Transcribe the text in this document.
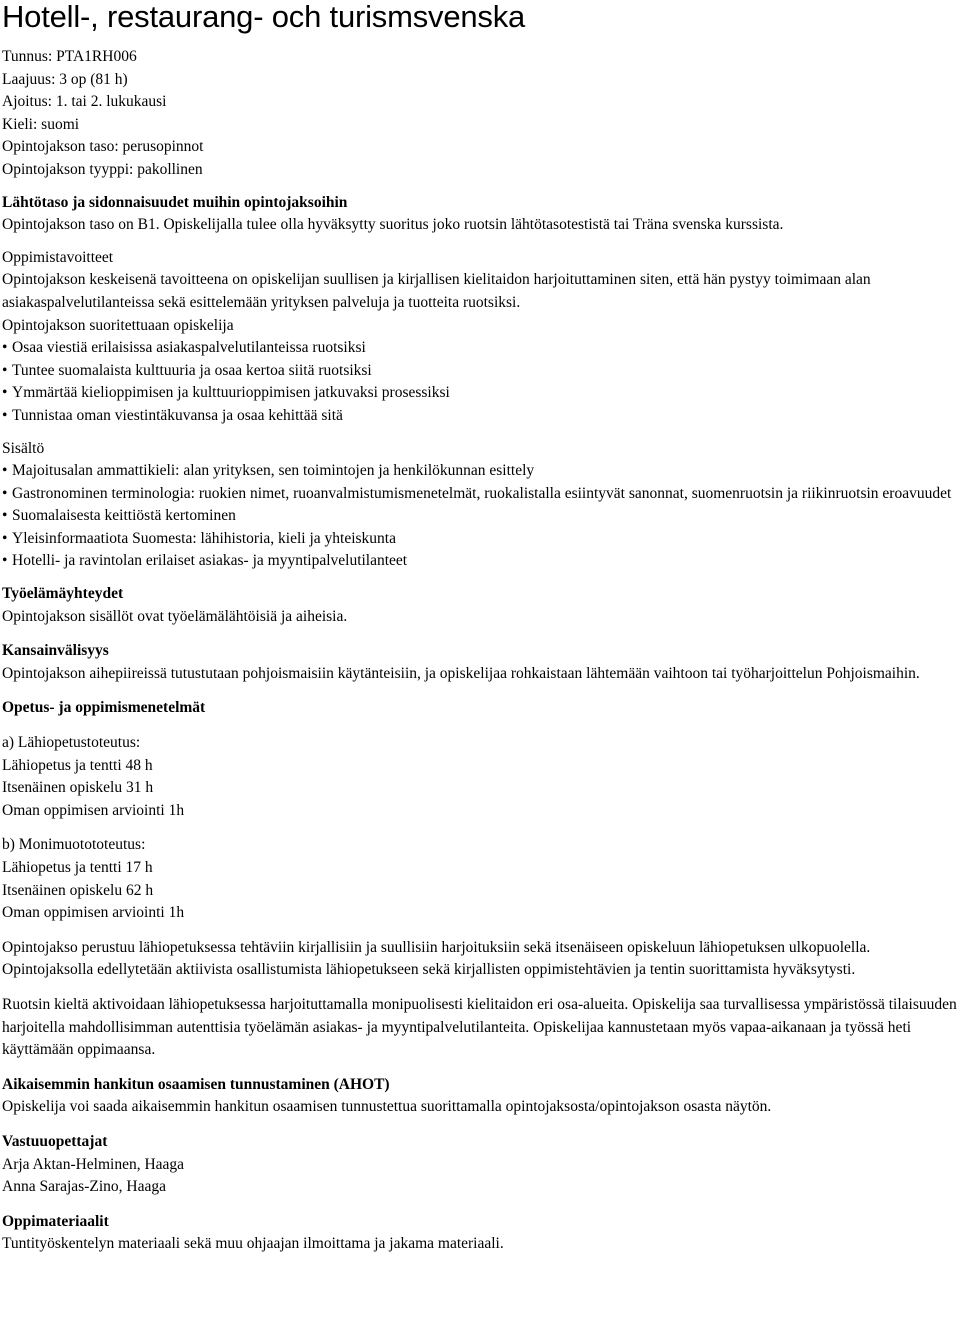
Hotell-, restaurang- och turismsvenska
Tunnus: PTA1RH006
Laajuus: 3 op (81 h)
Ajoitus: 1. tai 2. lukukausi
Kieli: suomi
Opintojakson taso: perusopinnot
Opintojakson tyyppi: pakollinen
Lähtötaso ja sidonnaisuudet muihin opintojaksoihin
Opintojakson taso on B1. Opiskelijalla tulee olla hyväksytty suoritus joko ruotsin lähtötasotestistä tai Träna svenska kurssista.
Oppimistavoitteet
Opintojakson keskeisenä tavoitteena on opiskelijan suullisen ja kirjallisen kielitaidon harjoituttaminen siten, että hän pystyy toimimaan alan asiakaspalvelutilanteissa sekä esittelemään yrityksen palveluja ja tuotteita ruotsiksi.
Opintojakson suoritettuaan opiskelija
• Osaa viestiä erilaisissa asiakaspalvelutilanteissa ruotsiksi
• Tuntee suomalaista kulttuuria ja osaa kertoa siitä ruotsiksi
• Ymmärtää kielioppimisen ja kulttuurioppimisen jatkuvaksi prosessiksi
• Tunnistaa oman viestintäkuvansa ja osaa kehittää sitä
Sisältö
• Majoitusalan ammattikieli: alan yrityksen, sen toimintojen ja henkilökunnan esittely
• Gastronominen terminologia: ruokien nimet, ruoanvalmistumismenetelmät, ruokalistalla esiintyvät sanonnat, suomenruotsin ja riikinruotsin eroavuudet
• Suomalaisesta keittiöstä kertominen
• Yleisinformaatiota Suomesta: lähihistoria, kieli ja yhteiskunta
• Hotelli- ja ravintolan erilaiset asiakas- ja myyntipalvelutilanteet
Työelämäyhteydet
Opintojakson sisällöt ovat työelämälähtöisiä ja aiheisia.
Kansainvälisyys
Opintojakson aihepiireissä tutustutaan pohjoismaisiin käytänteisiin, ja opiskelijaa rohkaistaan lähtemään vaihtoon tai työharjoittelun Pohjoismaihin.
Opetus- ja oppimismenetelmät
a) Lähiopetustoteutus:
Lähiopetus ja tentti 48 h
Itsenäinen opiskelu 31 h
Oman oppimisen arviointi 1h
b) Monimuotototeutus:
Lähiopetus ja tentti 17 h
Itsenäinen opiskelu 62 h
Oman oppimisen arviointi 1h
Opintojakso perustuu lähiopetuksessa tehtäviin kirjallisiin ja suullisiin harjoituksiin sekä itsenäiseen opiskeluun lähiopetuksen ulkopuolella. Opintojaksolla edellytetään aktiivista osallistumista lähiopetukseen sekä kirjallisten oppimistehtävien ja tentin suorittamista hyväksytysti.
Ruotsin kieltä aktivoidaan lähiopetuksessa harjoituttamalla monipuolisesti kielitaidon eri osa-alueita. Opiskelija saa turvallisessa ympäristössä tilaisuuden harjoitella mahdollisimman autenttisia työelämän asiakas- ja myyntipalvelutilanteita. Opiskelijaa kannustetaan myös vapaa-aikanaan ja työssä heti käyttämään oppimaansa.
Aikaisemmin hankitun osaamisen tunnustaminen (AHOT)
Opiskelija voi saada aikaisemmin hankitun osaamisen tunnustettua suorittamalla opintojaksosta/opintojakson osasta näytön.
Vastuuopettajat
Arja Aktan-Helminen, Haaga
Anna Sarajas-Zino, Haaga
Oppimateriaalit
Tuntityöskentelyn materiaali sekä muu ohjaajan ilmoittama ja jakama materiaali.
